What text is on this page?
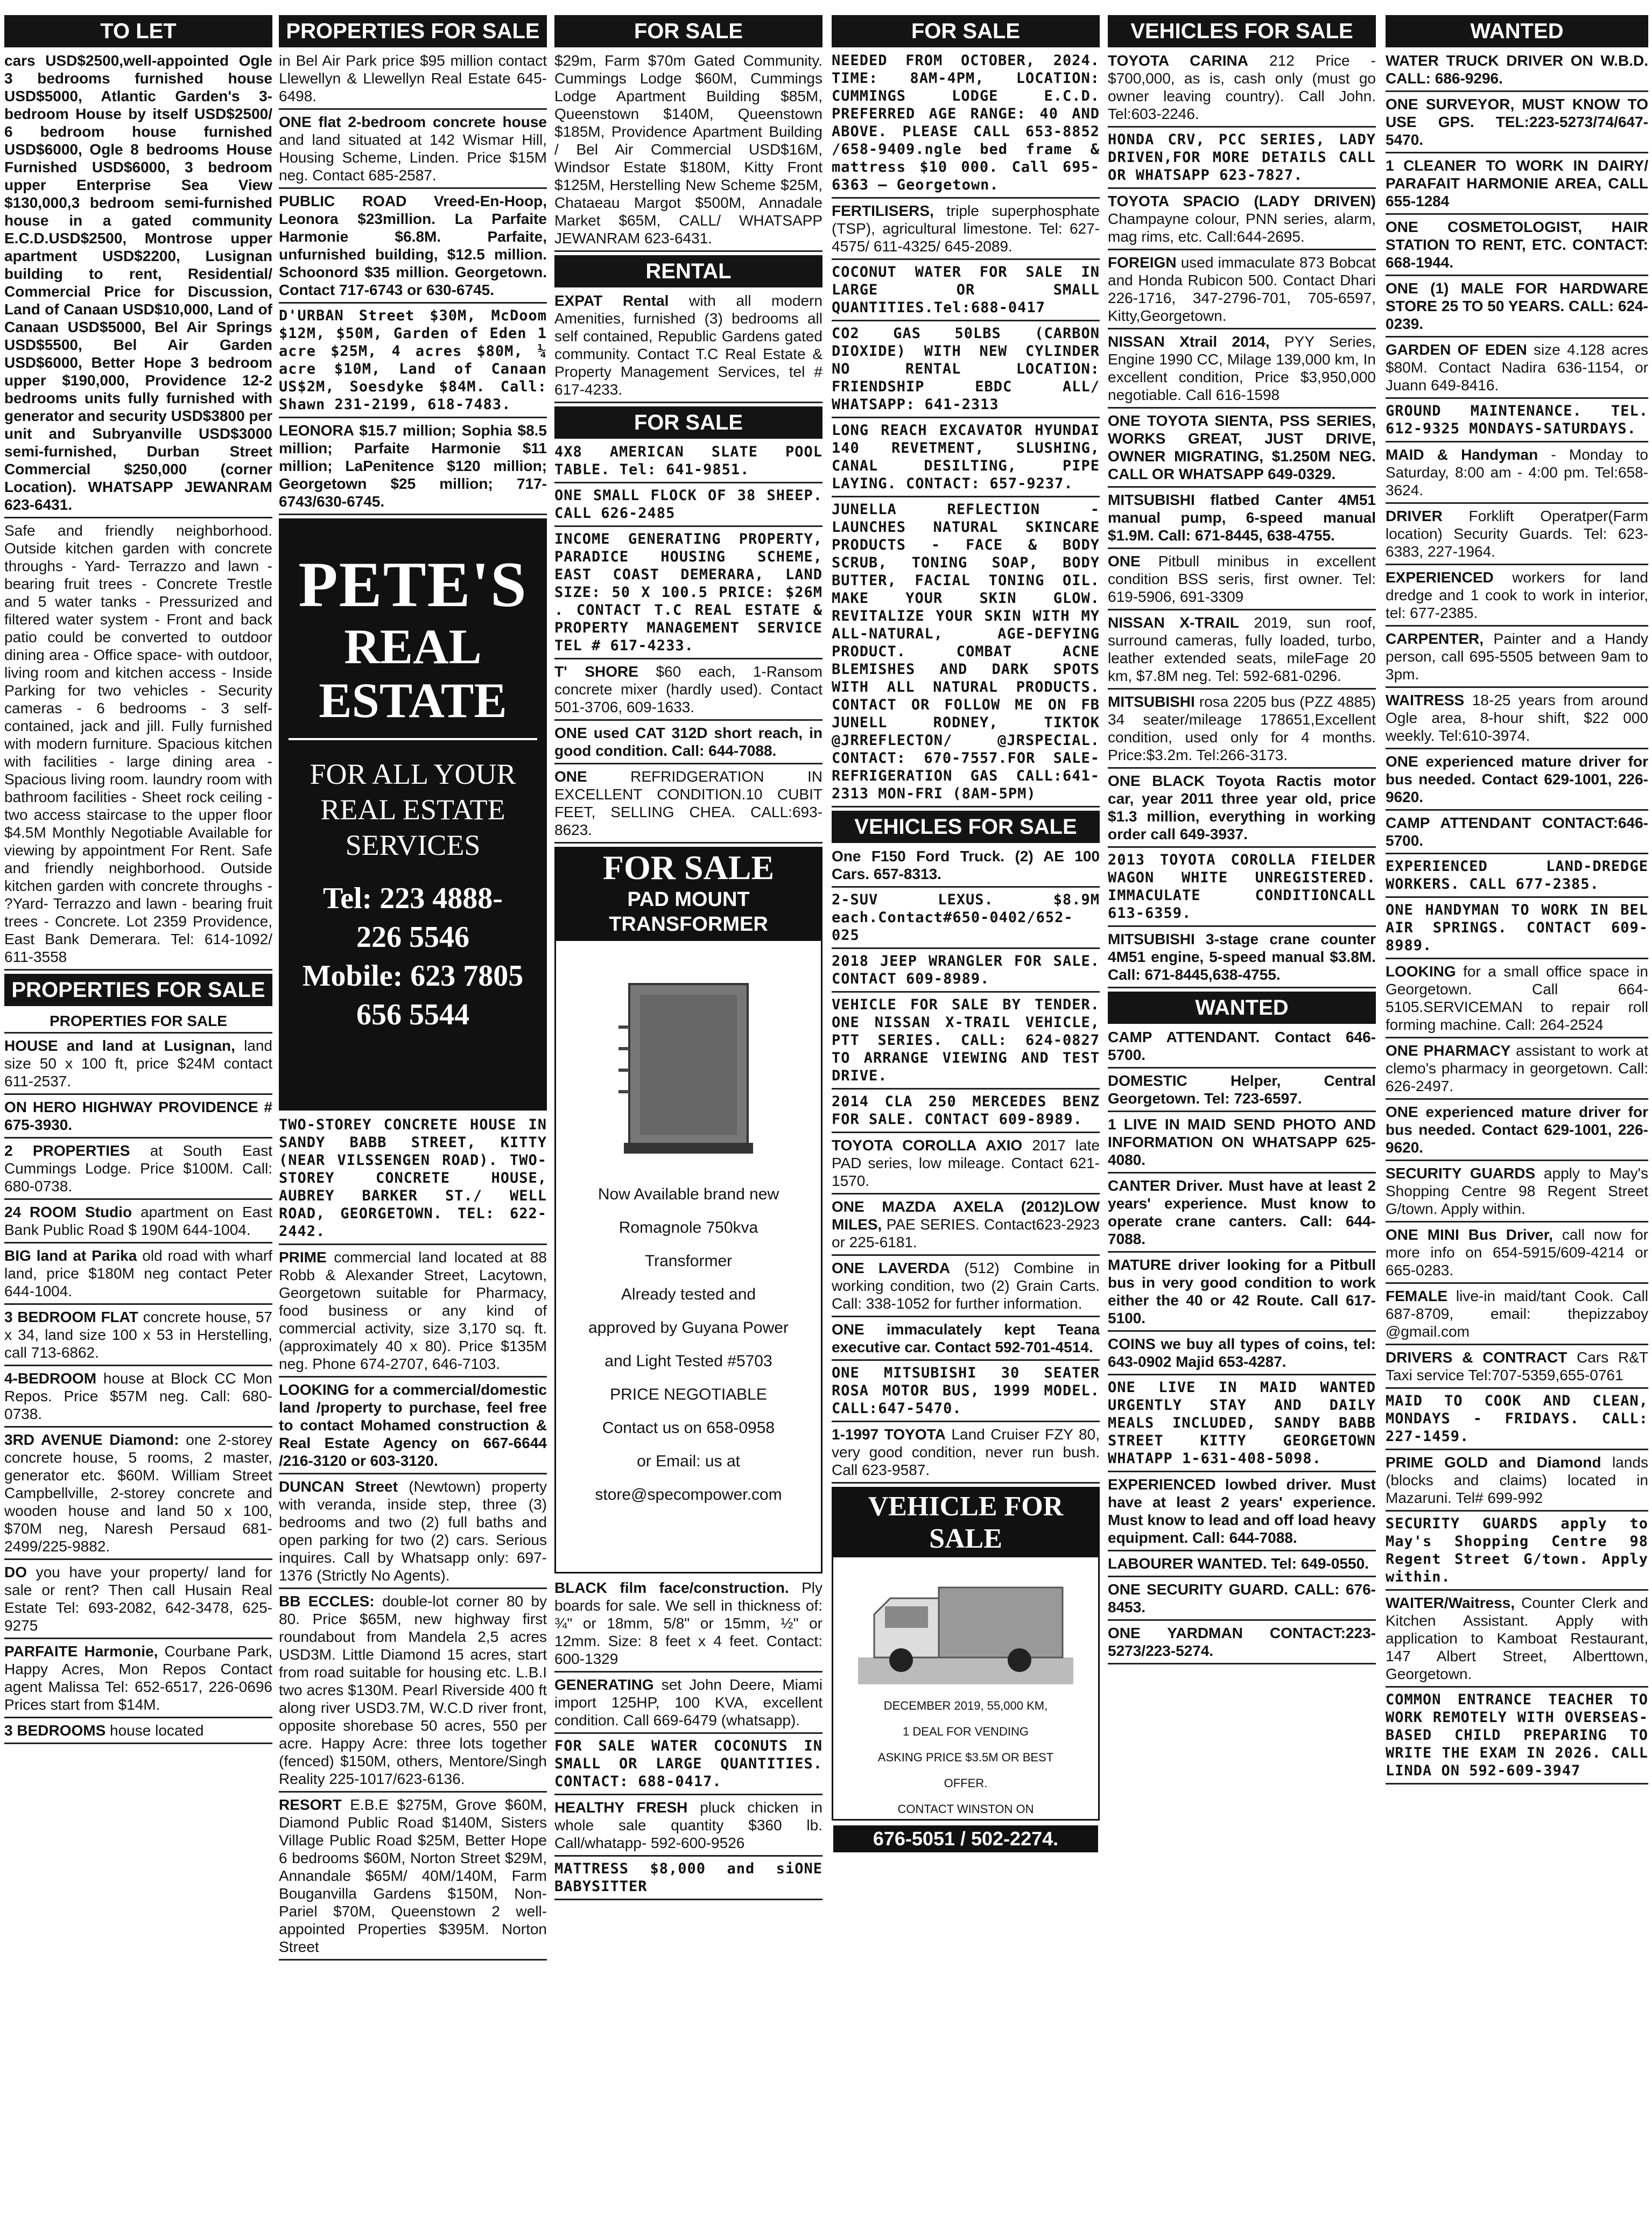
TO LET
cars USD$2500,well-appointed Ogle 3 bedrooms furnished house USD$5000, Atlantic Garden's 3-bedroom House by itself USD$2500/ 6 bedroom house furnished USD$6000, Ogle 8 bedrooms House Furnished USD$6000, 3 bedroom upper Enterprise Sea View $130,000,3 bedroom semi-furnished house in a gated community E.C.D.USD$2500, Montrose upper apartment USD$2200, Lusignan building to rent, Residential/ Commercial Price for Discussion, Land of Canaan USD$10,000, Land of Canaan USD$5000, Bel Air Springs USD$5500, Bel Air Garden USD$6000, Better Hope 3 bedroom upper $190,000, Providence 12-2 bedrooms units fully furnished with generator and security USD$3800 per unit and Subryanville USD$3000 semi-furnished, Durban Street Commercial $250,000 (corner Location). WHATSAPP JEWANRAM 623-6431.
Safe and friendly neighborhood. Outside kitchen garden with concrete throughs - Yard- Terrazzo and lawn - bearing fruit trees - Concrete Trestle and 5 water tanks - Pressurized and filtered water system - Front and back patio could be converted to outdoor dining area - Office space- with outdoor, living room and kitchen access - Inside Parking for two vehicles - Security cameras - 6 bedrooms - 3 self-contained, jack and jill. Fully furnished with modern furniture. Spacious kitchen with facilities - large dining area - Spacious living room. laundry room with bathroom facilities - Sheet rock ceiling - two access staircase to the upper floor $4.5M Monthly Negotiable Available for viewing by appointment For Rent. Safe and friendly neighborhood. Outside kitchen garden with concrete throughs - ?Yard- Terrazzo and lawn - bearing fruit trees - Concrete. Lot 2359 Providence, East Bank Demerara. Tel: 614-1092/ 611-3558
PROPERTIES FOR SALE
PROPERTIES FOR SALE
HOUSE and land at Lusignan, land size 50 x 100 ft, price $24M contact 611-2537.
ON HERO HIGHWAY PROVIDENCE # 675-3930.
2 PROPERTIES at South East Cummings Lodge. Price $100M. Call: 680-0738.
24 ROOM Studio apartment on East Bank Public Road $ 190M 644-1004.
BIG land at Parika old road with wharf land, price $180M neg contact Peter 644-1004.
3 BEDROOM FLAT concrete house, 57 x 34, land size 100 x 53 in Herstelling, call 713-6862.
4-BEDROOM house at Block CC Mon Repos. Price $57M neg. Call: 680-0738.
3RD AVENUE Diamond: one 2-storey concrete house, 5 rooms, 2 master, generator etc. $60M. William Street Campbellville, 2-storey concrete and wooden house and land 50 x 100, $70M neg, Naresh Persaud 681-2499/225-9882.
DO you have your property/ land for sale or rent? Then call Husain Real Estate Tel: 693-2082, 642-3478, 625-9275
PARFAITE Harmonie, Courbane Park, Happy Acres, Mon Repos Contact agent Malissa Tel: 652-6517, 226-0696 Prices start from $14M.
3 BEDROOMS house located
PROPERTIES FOR SALE
in Bel Air Park price $95 million contact Llewellyn & Llewellyn Real Estate 645-6498.
ONE flat 2-bedroom concrete house and land situated at 142 Wismar Hill, Housing Scheme, Linden. Price $15M neg. Contact 685-2587.
PUBLIC ROAD Vreed-En-Hoop, Leonora $23million. La Parfaite Harmonie $6.8M. Parfaite, unfurnished building, $12.5 million. Schoonord $35 million. Georgetown. Contact 717-6743 or 630-6745.
D'URBAN Street $30M, McDoom $12M, $50M, Garden of Eden 1 acre $25M, 4 acres $80M, ¼ acre $10M, Land of Canaan US$2M, Soesdyke $84M. Call: Shawn 231-2199, 618-7483.
LEONORA $15.7 million; Sophia $8.5 million; Parfaite Harmonie $11 million; LaPenitence $120 million; Georgetown $25 million; 717-6743/630-6745.
PETE'S
REAL ESTATE
FOR ALL YOUR REAL ESTATE SERVICES
Tel: 223 4888-
226 5546
Mobile: 623 7805
656 5544
TWO-STOREY CONCRETE HOUSE IN SANDY BABB STREET, KITTY (NEAR VILSSENGEN ROAD). TWO-STOREY CONCRETE HOUSE, AUBREY BARKER ST./ WELL ROAD, GEORGETOWN. TEL: 622-2442.
PRIME commercial land located at 88 Robb & Alexander Street, Lacytown, Georgetown suitable for Pharmacy, food business or any kind of commercial activity, size 3,170 sq. ft. (approximately 40 x 80). Price $135M neg. Phone 674-2707, 646-7103.
LOOKING for a commercial/domestic land /property to purchase, feel free to contact Mohamed construction & Real Estate Agency on 667-6644 /216-3120 or 603-3120.
DUNCAN Street (Newtown) property with veranda, inside step, three (3) bedrooms and two (2) full baths and open parking for two (2) cars. Serious inquires. Call by Whatsapp only: 697-1376 (Strictly No Agents).
BB ECCLES: double-lot corner 80 by 80. Price $65M, new highway first roundabout from Mandela 2,5 acres USD3M. Little Diamond 15 acres, start from road suitable for housing etc. L.B.I two acres $130M. Pearl Riverside 400 ft along river USD3.7M, W.C.D river front, opposite shorebase 50 acres, 550 per acre. Happy Acre: three lots together (fenced) $150M, others, Mentore/Singh Reality 225-1017/623-6136.
RESORT E.B.E $275M, Grove $60M, Diamond Public Road $140M, Sisters Village Public Road $25M, Better Hope 6 bedrooms $60M, Norton Street $29M, Annandale $65M/ 40M/140M, Farm Bouganvilla Gardens $150M, Non-Pariel $70M, Queenstown 2 well-appointed Properties $395M. Norton Street
FOR SALE
$29m, Farm $70m Gated Community. Cummings Lodge $60M, Cummings Lodge Apartment Building $85M, Queenstown $140M, Queenstown $185M, Providence Apartment Building / Bel Air Commercial USD$16M, Windsor Estate $180M, Kitty Front $125M, Herstelling New Scheme $25M, Chataeau Margot $500M, Annadale Market $65M, CALL/ WHATSAPP JEWANRAM 623-6431.
RENTAL
EXPAT Rental with all modern Amenities, furnished (3) bedrooms all self contained, Republic Gardens gated community. Contact T.C Real Estate & Property Management Services, tel # 617-4233.
FOR SALE
4X8 AMERICAN SLATE POOL TABLE. Tel: 641-9851.
ONE SMALL FLOCK OF 38 SHEEP. CALL 626-2485
INCOME GENERATING PROPERTY, PARADICE HOUSING SCHEME, EAST COAST DEMERARA, LAND SIZE: 50 X 100.5 PRICE: $26M . CONTACT T.C REAL ESTATE & PROPERTY MANAGEMENT SERVICE TEL # 617-4233.
T' SHORE $60 each, 1-Ransom concrete mixer (hardly used). Contact 501-3706, 609-1633.
ONE used CAT 312D short reach, in good condition. Call: 644-7088.
ONE REFRIDGERATION IN EXCELLENT CONDITION.10 CUBIT FEET, SELLING CHEA. CALL:693-8623.
FOR SALE
PAD MOUNT TRANSFORMER
Now Available brand new
Romagnole 750kva
Transformer
Already tested and
approved by Guyana Power
and Light Tested #5703
PRICE NEGOTIABLE
Contact us on 658-0958
or Email: us at
store@specompower.com
BLACK film face/construction. Ply boards for sale. We sell in thickness of: ¾" or 18mm, 5/8" or 15mm, ½" or 12mm. Size: 8 feet x 4 feet. Contact: 600-1329
GENERATING set John Deere, Miami import 125HP, 100 KVA, excellent condition. Call 669-6479 (whatsapp).
FOR SALE WATER COCONUTS IN SMALL OR LARGE QUANTITIES. CONTACT: 688-0417.
HEALTHY FRESH pluck chicken in whole sale quantity $360 lb. Call/whatapp- 592-600-9526
MATTRESS $8,000 and siONE BABYSITTER
FOR SALE
NEEDED FROM OCTOBER, 2024. TIME: 8AM-4PM, LOCATION: CUMMINGS LODGE E.C.D. PREFERRED AGE RANGE: 40 AND ABOVE. PLEASE CALL 653-8852 /658-9409.ngle bed frame & mattress $10 000. Call 695-6363 – Georgetown.
FERTILISERS, triple superphosphate (TSP), agricultural limestone. Tel: 627-4575/ 611-4325/ 645-2089.
COCONUT WATER FOR SALE IN LARGE OR SMALL QUANTITIES.Tel:688-0417
CO2 GAS 50LBS (CARBON DIOXIDE) WITH NEW CYLINDER NO RENTAL LOCATION: FRIENDSHIP EBDC ALL/ WHATSAPP: 641-2313
LONG REACH EXCAVATOR HYUNDAI 140 REVETMENT, SLUSHING, CANAL DESILTING, PIPE LAYING. CONTACT: 657-9237.
JUNELLA REFLECTION - LAUNCHES NATURAL SKINCARE PRODUCTS - FACE & BODY SCRUB, TONING SOAP, BODY BUTTER, FACIAL TONING OIL. MAKE YOUR SKIN GLOW. REVITALIZE YOUR SKIN WITH MY ALL-NATURAL, AGE-DEFYING PRODUCT. COMBAT ACNE BLEMISHES AND DARK SPOTS WITH ALL NATURAL PRODUCTS. CONTACT OR FOLLOW ME ON FB JUNELL RODNEY, TIKTOK @JRREFLECTON/ @JRSPECIAL. CONTACT: 670-7557.FOR SALE- REFRIGERATION GAS CALL:641-2313 MON-FRI (8AM-5PM)
VEHICLES FOR SALE
One F150 Ford Truck. (2) AE 100 Cars. 657-8313.
2-SUV LEXUS. $8.9M each.Contact#650-0402/652-025
2018 JEEP WRANGLER FOR SALE. CONTACT 609-8989.
VEHICLE FOR SALE BY TENDER. ONE NISSAN X-TRAIL VEHICLE, PTT SERIES. CALL: 624-0827 TO ARRANGE VIEWING AND TEST DRIVE.
2014 CLA 250 MERCEDES BENZ FOR SALE. CONTACT 609-8989.
TOYOTA COROLLA AXIO 2017 late PAD series, low mileage. Contact 621-1570.
ONE MAZDA AXELA (2012)LOW MILES, PAE SERIES. Contact623-2923 or 225-6181.
ONE LAVERDA (512) Combine in working condition, two (2) Grain Carts. Call: 338-1052 for further information.
ONE immaculately kept Teana executive car. Contact 592-701-4514.
ONE MITSUBISHI 30 SEATER ROSA MOTOR BUS, 1999 MODEL. CALL:647-5470.
1-1997 TOYOTA Land Cruiser FZY 80, very good condition, never run bush. Call 623-9587.
VEHICLE FOR SALE
DECEMBER 2019, 55,000 KM,
1 DEAL FOR VENDING
ASKING PRICE $3.5M OR BEST
OFFER.
CONTACT WINSTON ON
676-5051 / 502-2274.
VEHICLES FOR SALE
TOYOTA CARINA 212 Price - $700,000, as is, cash only (must go owner leaving country). Call John. Tel:603-2246.
HONDA CRV, PCC SERIES, LADY DRIVEN,FOR MORE DETAILS CALL OR WHATSAPP 623-7827.
TOYOTA SPACIO (LADY DRIVEN) Champayne colour, PNN series, alarm, mag rims, etc. Call:644-2695.
FOREIGN used immaculate 873 Bobcat and Honda Rubicon 500. Contact Dhari 226-1716, 347-2796-701, 705-6597, Kitty,Georgetown.
NISSAN Xtrail 2014, PYY Series, Engine 1990 CC, Milage 139,000 km, In excellent condition, Price $3,950,000 negotiable. Call 616-1598
ONE TOYOTA SIENTA, PSS SERIES, WORKS GREAT, JUST DRIVE, OWNER MIGRATING, $1.250M NEG. CALL OR WHATSAPP 649-0329.
MITSUBISHI flatbed Canter 4M51 manual pump, 6-speed manual $1.9M. Call: 671-8445, 638-4755.
ONE Pitbull minibus in excellent condition BSS seris, first owner. Tel: 619-5906, 691-3309
NISSAN X-TRAIL 2019, sun roof, surround cameras, fully loaded, turbo, leather extended seats, mileFage 20 km, $7.8M neg. Tel: 592-681-0296.
MITSUBISHI rosa 2205 bus (PZZ 4885) 34 seater/mileage 178651,Excellent condition, used only for 4 months. Price:$3.2m. Tel:266-3173.
ONE BLACK Toyota Ractis motor car, year 2011 three year old, price $1.3 million, everything in working order call 649-3937.
2013 TOYOTA COROLLA FIELDER WAGON WHITE UNREGISTERED. IMMACULATE CONDITIONCALL 613-6359.
MITSUBISHI 3-stage crane counter 4M51 engine, 5-speed manual $3.8M. Call: 671-8445,638-4755.
WANTED
CAMP ATTENDANT. Contact 646-5700.
DOMESTIC Helper, Central Georgetown. Tel: 723-6597.
1 LIVE IN MAID SEND PHOTO AND INFORMATION ON WHATSAPP 625-4080.
CANTER Driver. Must have at least 2 years' experience. Must know to operate crane canters. Call: 644-7088.
MATURE driver looking for a Pitbull bus in very good condition to work either the 40 or 42 Route. Call 617-5100.
COINS we buy all types of coins, tel: 643-0902 Majid 653-4287.
ONE LIVE IN MAID WANTED URGENTLY STAY AND DAILY MEALS INCLUDED, SANDY BABB STREET KITTY GEORGETOWN WHATAPP 1-631-408-5098.
EXPERIENCED lowbed driver. Must have at least 2 years' experience. Must know to lead and off load heavy equipment. Call: 644-7088.
LABOURER WANTED. Tel: 649-0550.
ONE SECURITY GUARD. CALL: 676-8453.
ONE YARDMAN CONTACT:223-5273/223-5274.
WANTED
WATER TRUCK DRIVER ON W.B.D. CALL: 686-9296.
ONE SURVEYOR, MUST KNOW TO USE GPS. TEL:223-5273/74/647-5470.
1 CLEANER TO WORK IN DAIRY/ PARAFAIT HARMONIE AREA, CALL 655-1284
ONE COSMETOLOGIST, HAIR STATION TO RENT, ETC. CONTACT: 668-1944.
ONE (1) MALE FOR HARDWARE STORE 25 TO 50 YEARS. CALL: 624-0239.
GARDEN OF EDEN size 4.128 acres $80M. Contact Nadira 636-1154, or Juann 649-8416.
GROUND MAINTENANCE. TEL. 612-9325 MONDAYS-SATURDAYS.
MAID & Handyman - Monday to Saturday, 8:00 am - 4:00 pm. Tel:658-3624.
DRIVER Forklift Operatper(Farm location) Security Guards. Tel: 623-6383, 227-1964.
EXPERIENCED workers for land dredge and 1 cook to work in interior, tel: 677-2385.
CARPENTER, Painter and a Handy person, call 695-5505 between 9am to 3pm.
WAITRESS 18-25 years from around Ogle area, 8-hour shift, $22 000 weekly. Tel:610-3974.
ONE experienced mature driver for bus needed. Contact 629-1001, 226-9620.
CAMP ATTENDANT CONTACT:646-5700.
EXPERIENCED LAND-DREDGE WORKERS. CALL 677-2385.
ONE HANDYMAN TO WORK IN BEL AIR SPRINGS. CONTACT 609-8989.
LOOKING for a small office space in Georgetown. Call 664-5105.SERVICEMAN to repair roll forming machine. Call: 264-2524
ONE PHARMACY assistant to work at clemo's pharmacy in georgetown. Call: 626-2497.
ONE experienced mature driver for bus needed. Contact 629-1001, 226-9620.
SECURITY GUARDS apply to May's Shopping Centre 98 Regent Street G/town. Apply within.
ONE MINI Bus Driver, call now for more info on 654-5915/609-4214 or 665-0283.
FEMALE live-in maid/tant Cook. Call 687-8709, email: thepizzaboy @gmail.com
DRIVERS & CONTRACT Cars R&T Taxi service Tel:707-5359,655-0761
MAID TO COOK AND CLEAN, MONDAYS - FRIDAYS. CALL: 227-1459.
PRIME GOLD and Diamond lands (blocks and claims) located in Mazaruni. Tel# 699-992
SECURITY GUARDS apply to May's Shopping Centre 98 Regent Street G/town. Apply within.
WAITER/Waitress, Counter Clerk and Kitchen Assistant. Apply with application to Kamboat Restaurant, 147 Albert Street, Alberttown, Georgetown.
COMMON ENTRANCE TEACHER TO WORK REMOTELY WITH OVERSEAS-BASED CHILD PREPARING TO WRITE THE EXAM IN 2026. CALL LINDA ON 592-609-3947
